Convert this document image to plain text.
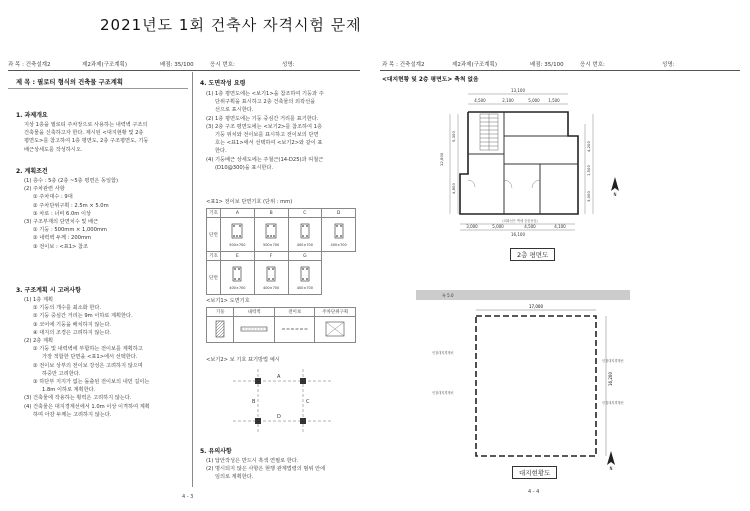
2021년도 1회 건축사 자격시험 문제
과 목 : 건축설계2	제2과제(구조계획)	배점: 35/100	응시 번호:	성명:	과 목 : 건축설계2	제2과제(구조계획)	배점: 35/100	응시 번호:	성명:
제 목 : 필로티 형식의 건축물 구조계획
1. 과제개요
지상 1층을 필로티 주차장으로 사용하는 내력벽 구조의
건축물을 신축하고자 한다. 제시된 <대지현황 및 2층
평면도>를 참고하여 1층 평면도, 2층 구조평면도, 기둥
배근상세도를 작성하시오.
2. 계획조건
(1) 층수 : 5층 (2층 ~5층 평면은 동일함)
(2) 주차관련 사항
① 주차대수 : 9대
② 주차단위구획 : 2.5m × 5.0m
③ 차로 : 너비 6.0m 이상
(3) 구조부재의 단면치수 및 배근
① 기둥 : 500mm × 1,000mm
② 내력벽 두께 : 200mm
③ 전이보 : <표1> 참조
3. 구조계획 시 고려사항
(1) 1층 계획
① 기둥의 개수를 최소화 한다.
② 기둥 중심간 거리는 9m 이하로 계획한다.
③ 코어에 기둥을 배치하지 않는다.
④ 대지의 조경은 고려하지 않는다.
(2) 2층 계획
① 기둥 및 내력벽에 부합하는 전이보를 계획하고
가장 적합한 단면을 <표1>에서 선택한다.
② 전이보 상부의 전이보 강성은 고려하지 않으며
하중만 고려한다.
③ 하단부 지지가 없는 돌출된 전이보의 내민 길이는
1.8m 이하로 계획한다.
(3) 건축물에 작용하는 횡력은 고려하지 않는다.
(4) 건축물은 대지경계선에서 1.0m 이상 이격하여 계획
하며 아감 두께는 고려하지 않는다.
4. 도면작성 요령
(1) 1층 평면도에는 <보기1>을 참조하여 기둥과 주
단위구획을 표시하고 2층 건축물의 외곽선을
선으로 표시한다.
(2) 1층 평면도에는 기둥 중심간 거리를 표기한다.
(3) 2층 구조 평면도에는 <보기2>를 참조하여 1층
기둥 위치와 전이보를 표시하고 전이보의 단면
호는 <표1>에서 선택하여 <보기2>와 같이 표
한다.
(4) 기둥배근 상세도에는 주철근(14-D25)과 띠철근
(D10@300)을 표시한다.
<표1> 전이보 단면기호 (단위 : mm)
기호	A	B	C	D
단면	500×700	500×700	400×700	400×700

기호	E	F	G	
단면	400×700	400×700	400×700	

<보기1> 도면기호
기둥	내력벽	전이보	주차단위구획

<보기2> 보 기호 표기방법 예시
A
B	C
D
5. 유의사항
(1) 답안작성은 반드시 흑색 연필로 한다.
(2) 명시되지 않은 사항은 현행 관계법령의 범위 안에
임의로 계획한다.
4 - 3
<대지현황 및 2층 평면도> 축척 없음
13,100
4,500	2,100	5,000 1,500
3,000	5,000	4,500	4,100
16,100
12,800
5,300
4,800
4,200
1,500
3,000
(외곽선은 벽체 중심선임)
N
2층 평면도
폭 5.0
17,000
16,200
인접대지경계선
인접대지경계선
인접대지경계선
인접대지경계선
N
대지현황도
4 - 4
